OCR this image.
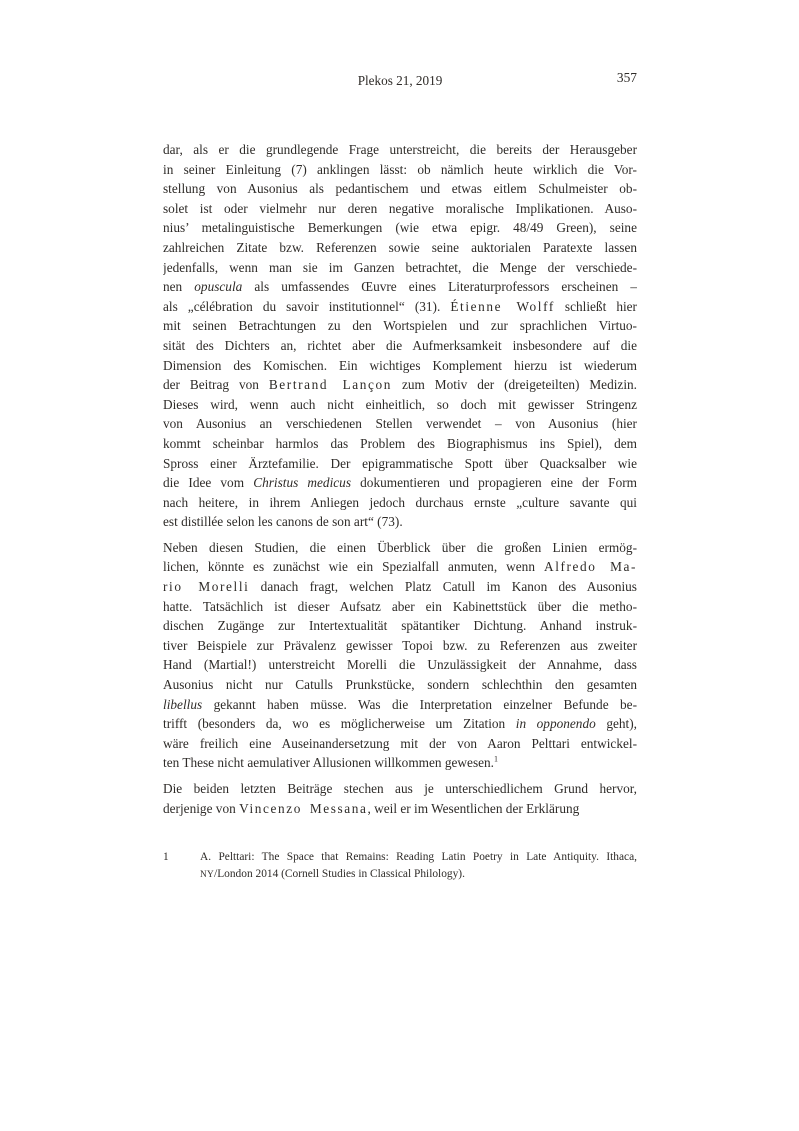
Plekos 21, 2019	357
dar, als er die grundlegende Frage unterstreicht, die bereits der Herausgeber
in seiner Einleitung (7) anklingen lässt: ob nämlich heute wirklich die Vor-
stellung von Ausonius als pedantischem und etwas eitlem Schulmeister ob-
solet ist oder vielmehr nur deren negative moralische Implikationen. Auso-
nius’ metalinguistische Bemerkungen (wie etwa epigr. 48/49 Green), seine
zahlreichen Zitate bzw. Referenzen sowie seine auktorialen Paratexte lassen
jedenfalls, wenn man sie im Ganzen betrachtet, die Menge der verschiede-
nen opuscula als umfassendes Œuvre eines Literaturprofessors erscheinen –
als „célébration du savoir institutionnel“ (31). Étienne Wolff schließt hier
mit seinen Betrachtungen zu den Wortspielen und zur sprachlichen Virtuo-
sität des Dichters an, richtet aber die Aufmerksamkeit insbesondere auf die
Dimension des Komischen. Ein wichtiges Komplement hierzu ist wiederum
der Beitrag von Bertrand Lançon zum Motiv der (dreigeteilten) Medizin.
Dieses wird, wenn auch nicht einheitlich, so doch mit gewisser Stringenz
von Ausonius an verschiedenen Stellen verwendet – von Ausonius (hier
kommt scheinbar harmlos das Problem des Biographismus ins Spiel), dem
Spross einer Ärztefamilie. Der epigrammatische Spott über Quacksalber wie
die Idee vom Christus medicus dokumentieren und propagieren eine der Form
nach heitere, in ihrem Anliegen jedoch durchaus ernste „culture savante qui
est distillée selon les canons de son art“ (73).
Neben diesen Studien, die einen Überblick über die großen Linien ermög-
lichen, könnte es zunächst wie ein Spezialfall anmuten, wenn Alfredo Ma-
rio Morelli danach fragt, welchen Platz Catull im Kanon des Ausonius
hatte. Tatsächlich ist dieser Aufsatz aber ein Kabinettstück über die metho-
dischen Zugänge zur Intertextualität spätantiker Dichtung. Anhand instruk-
tiver Beispiele zur Prävalenz gewisser Topoi bzw. zu Referenzen aus zweiter
Hand (Martial!) unterstreicht Morelli die Unzulässigkeit der Annahme, dass
Ausonius nicht nur Catulls Prunkstücke, sondern schlechthin den gesamten
libellus gekannt haben müsse. Was die Interpretation einzelner Befunde be-
trifft (besonders da, wo es möglicherweise um Zitation in opponendo geht),
wäre freilich eine Auseinandersetzung mit der von Aaron Pelttari entwickel-
ten These nicht aemulativer Allusionen willkommen gewesen.$^1$
Die beiden letzten Beiträge stechen aus je unterschiedlichem Grund hervor,
derjenige von Vincenzo Messana, weil er im Wesentlichen der Erklärung
1	A. Pelttari: The Space that Remains: Reading Latin Poetry in Late Antiquity. Ithaca,
NY/London 2014 (Cornell Studies in Classical Philology).
